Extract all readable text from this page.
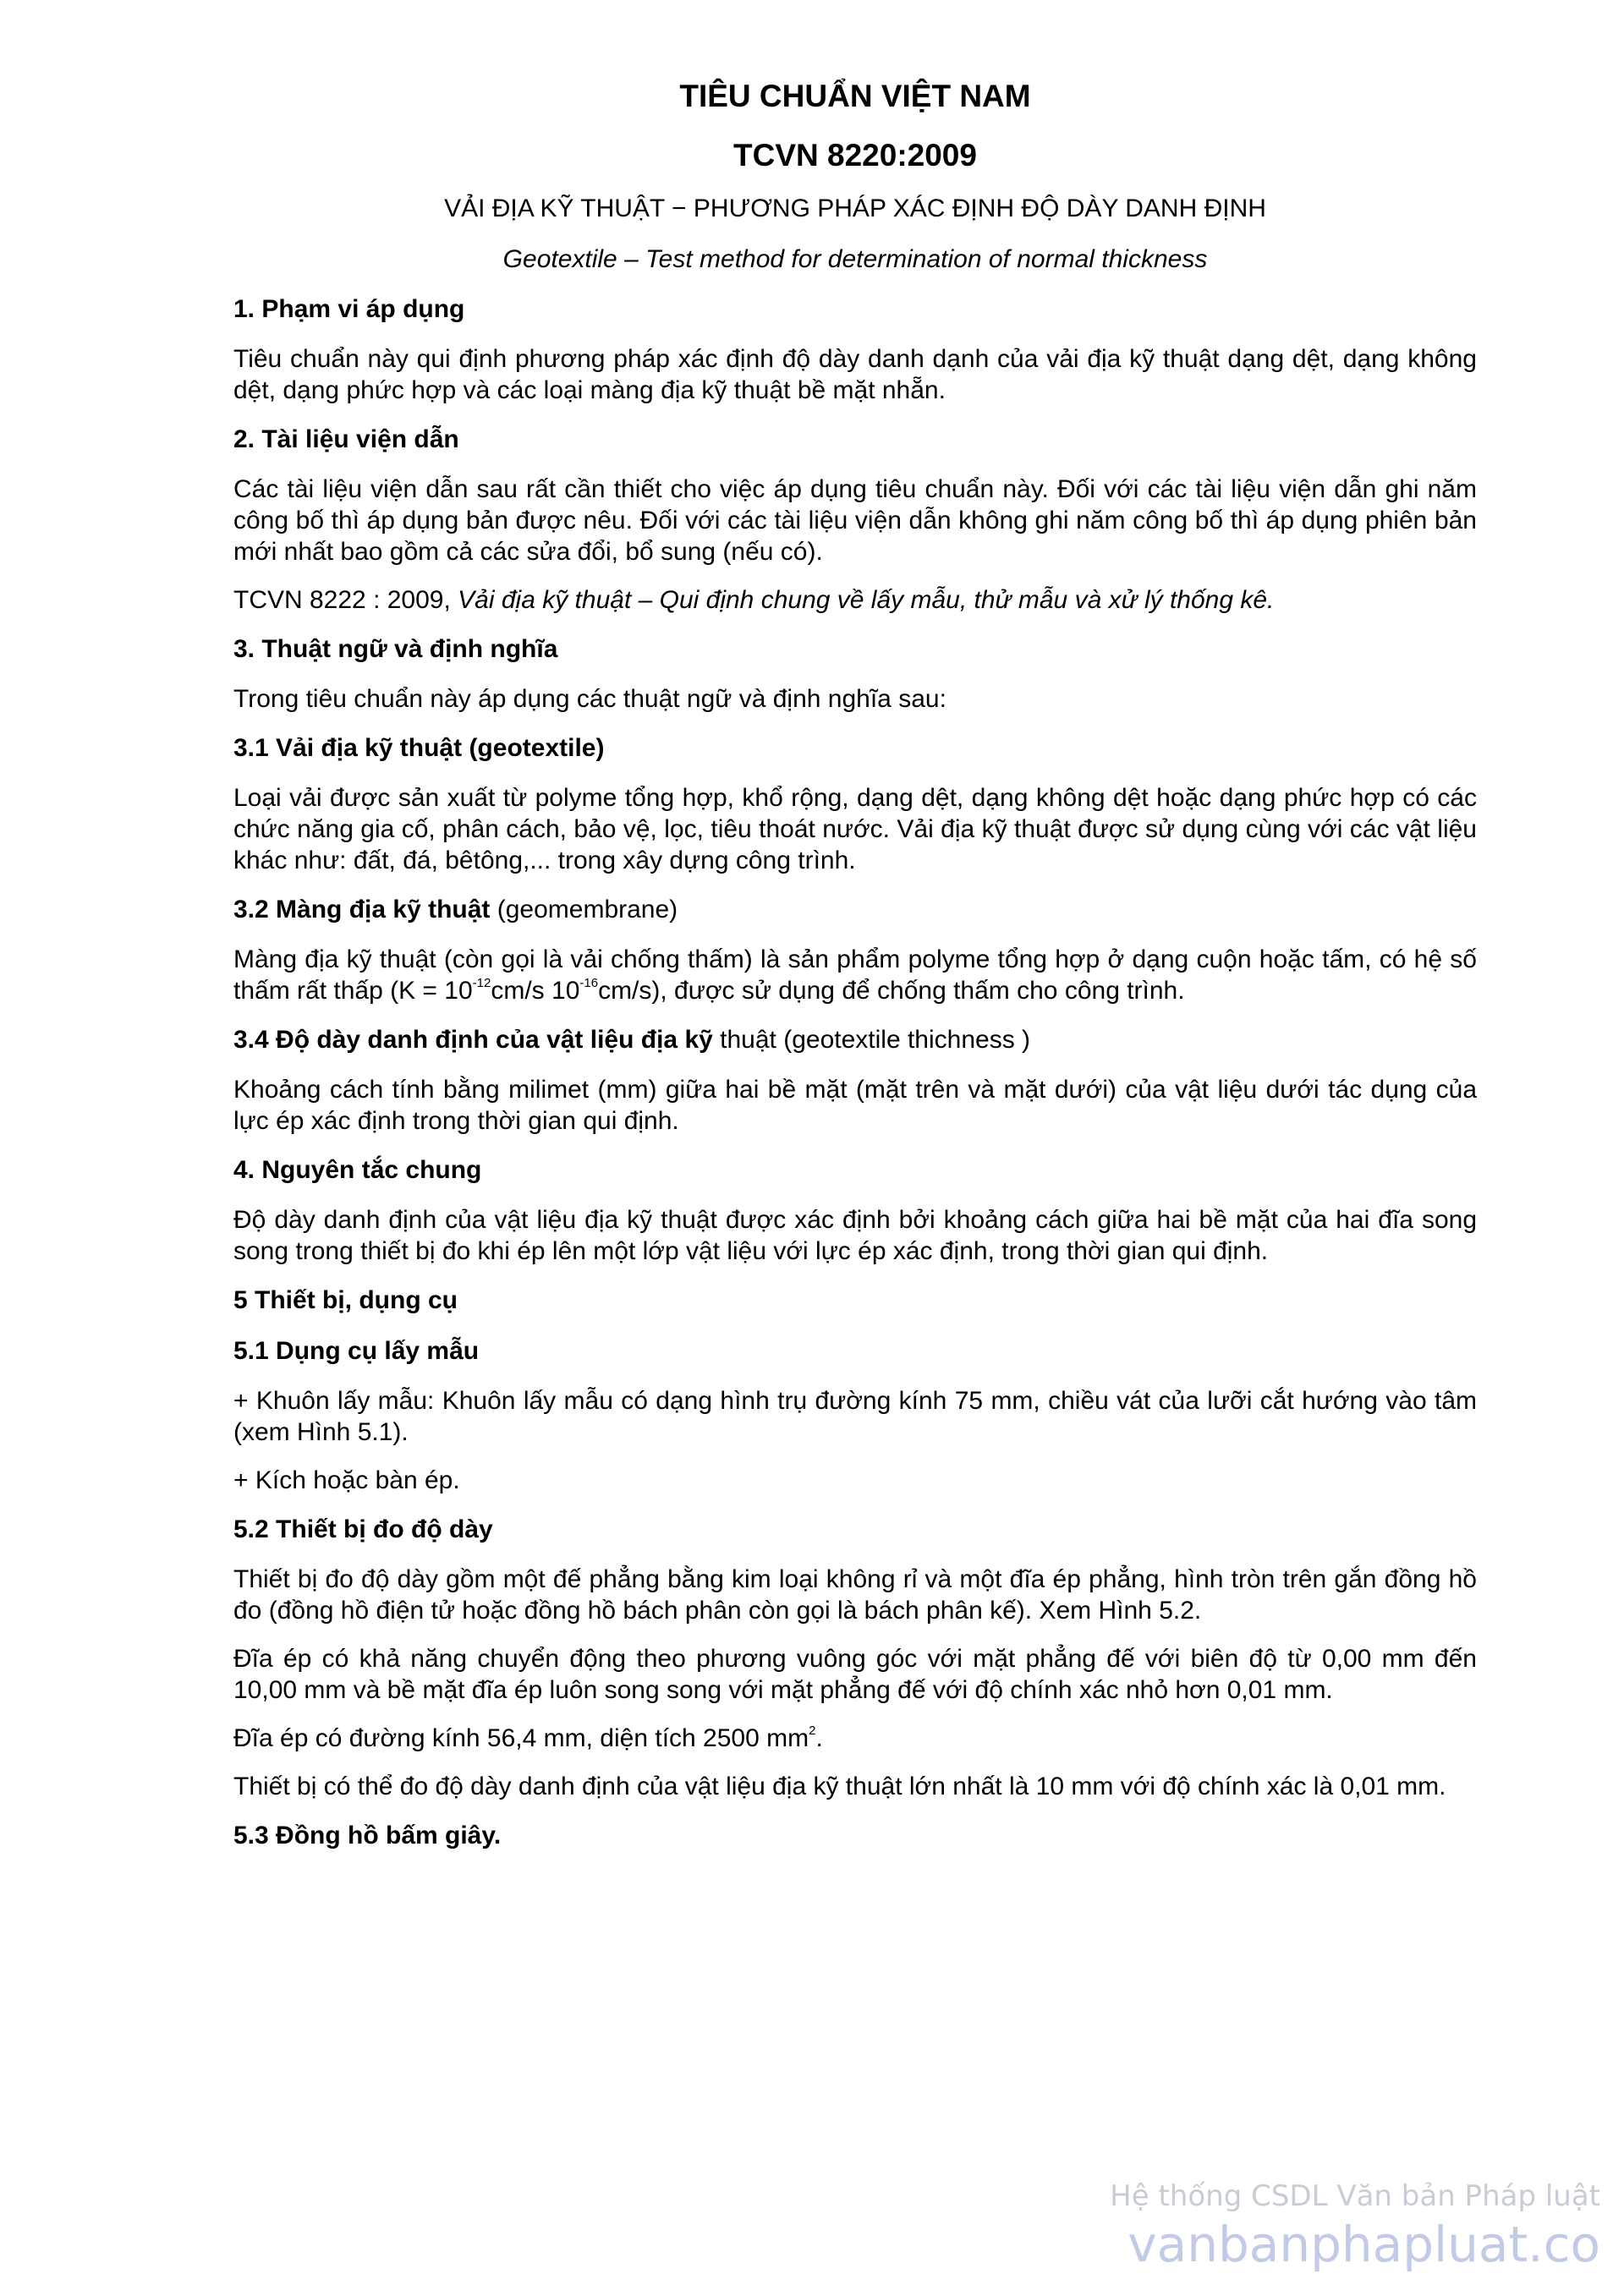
TIÊU CHUẨN VIỆT NAM
TCVN 8220:2009
VẢI ĐỊA KỸ THUẬT − PHƯƠNG PHÁP XÁC ĐỊNH ĐỘ DÀY DANH ĐỊNH
Geotextile – Test method for determination of normal thickness
1. Phạm vi áp dụng

Tiêu chuẩn này qui định phương pháp xác định độ dày danh dạnh của vải địa kỹ thuật dạng dệt, dạng không dệt, dạng phức hợp và các loại màng địa kỹ thuật bề mặt nhẵn.

2. Tài liệu viện dẫn

Các tài liệu viện dẫn sau rất cần thiết cho việc áp dụng tiêu chuẩn này. Đối với các tài liệu viện dẫn ghi năm công bố thì áp dụng bản được nêu. Đối với các tài liệu viện dẫn không ghi năm công bố thì áp dụng phiên bản mới nhất bao gồm cả các sửa đổi, bổ sung (nếu có).

TCVN 8222 : 2009, Vải địa kỹ thuật – Qui định chung về lấy mẫu, thử mẫu và xử lý thống kê.

3. Thuật ngữ và định nghĩa

Trong tiêu chuẩn này áp dụng các thuật ngữ và định nghĩa sau:

3.1 Vải địa kỹ thuật (geotextile)

Loại vải được sản xuất từ polyme tổng hợp, khổ rộng, dạng dệt, dạng không dệt hoặc dạng phức hợp có các chức năng gia cố, phân cách, bảo vệ, lọc, tiêu thoát nước. Vải địa kỹ thuật được sử dụng cùng với các vật liệu khác như: đất, đá, bêtông,... trong xây dựng công trình.

3.2 Màng địa kỹ thuật (geomembrane)

Màng địa kỹ thuật (còn gọi là vải chống thấm) là sản phẩm polyme tổng hợp ở dạng cuộn hoặc tấm, có hệ số thấm rất thấp ($K = 10^{-12}cm/s$ $10^{-16}cm/s$), được sử dụng để chống thấm cho công trình.

3.4 Độ dày danh định của vật liệu địa kỹ thuật (geotextile thichness )

Khoảng cách tính bằng milimet (mm) giữa hai bề mặt (mặt trên và mặt dưới) của vật liệu dưới tác dụng của lực ép xác định trong thời gian qui định.

4. Nguyên tắc chung

Độ dày danh định của vật liệu địa kỹ thuật được xác định bởi khoảng cách giữa hai bề mặt của hai đĩa song song trong thiết bị đo khi ép lên một lớp vật liệu với lực ép xác định, trong thời gian qui định.

5 Thiết bị, dụng cụ
5.1 Dụng cụ lấy mẫu

+ Khuôn lấy mẫu: Khuôn lấy mẫu có dạng hình trụ đường kính 75 mm, chiều vát của lưỡi cắt hướng vào tâm (xem Hình 5.1).

+ Kích hoặc bàn ép.

5.2 Thiết bị đo độ dày

Thiết bị đo độ dày gồm một đế phẳng bằng kim loại không rỉ và một đĩa ép phẳng, hình tròn trên gắn đồng hồ đo (đồng hồ điện tử hoặc đồng hồ bách phân còn gọi là bách phân kế). Xem Hình 5.2.

Đĩa ép có khả năng chuyển động theo phương vuông góc với mặt phẳng đế với biên độ từ 0,00 mm đến 10,00 mm và bề mặt đĩa ép luôn song song với mặt phẳng đế với độ chính xác nhỏ hơn 0,01 mm.

Đĩa ép có đường kính 56,4 mm, diện tích 2500 $mm^2$.

Thiết bị có thể đo độ dày danh định của vật liệu địa kỹ thuật lớn nhất là 10 mm với độ chính xác là 0,01 mm.

5.3 Đồng hồ bấm giây.
Hệ thống CSDL Văn bản Pháp luật
vanbanphapluat.co
